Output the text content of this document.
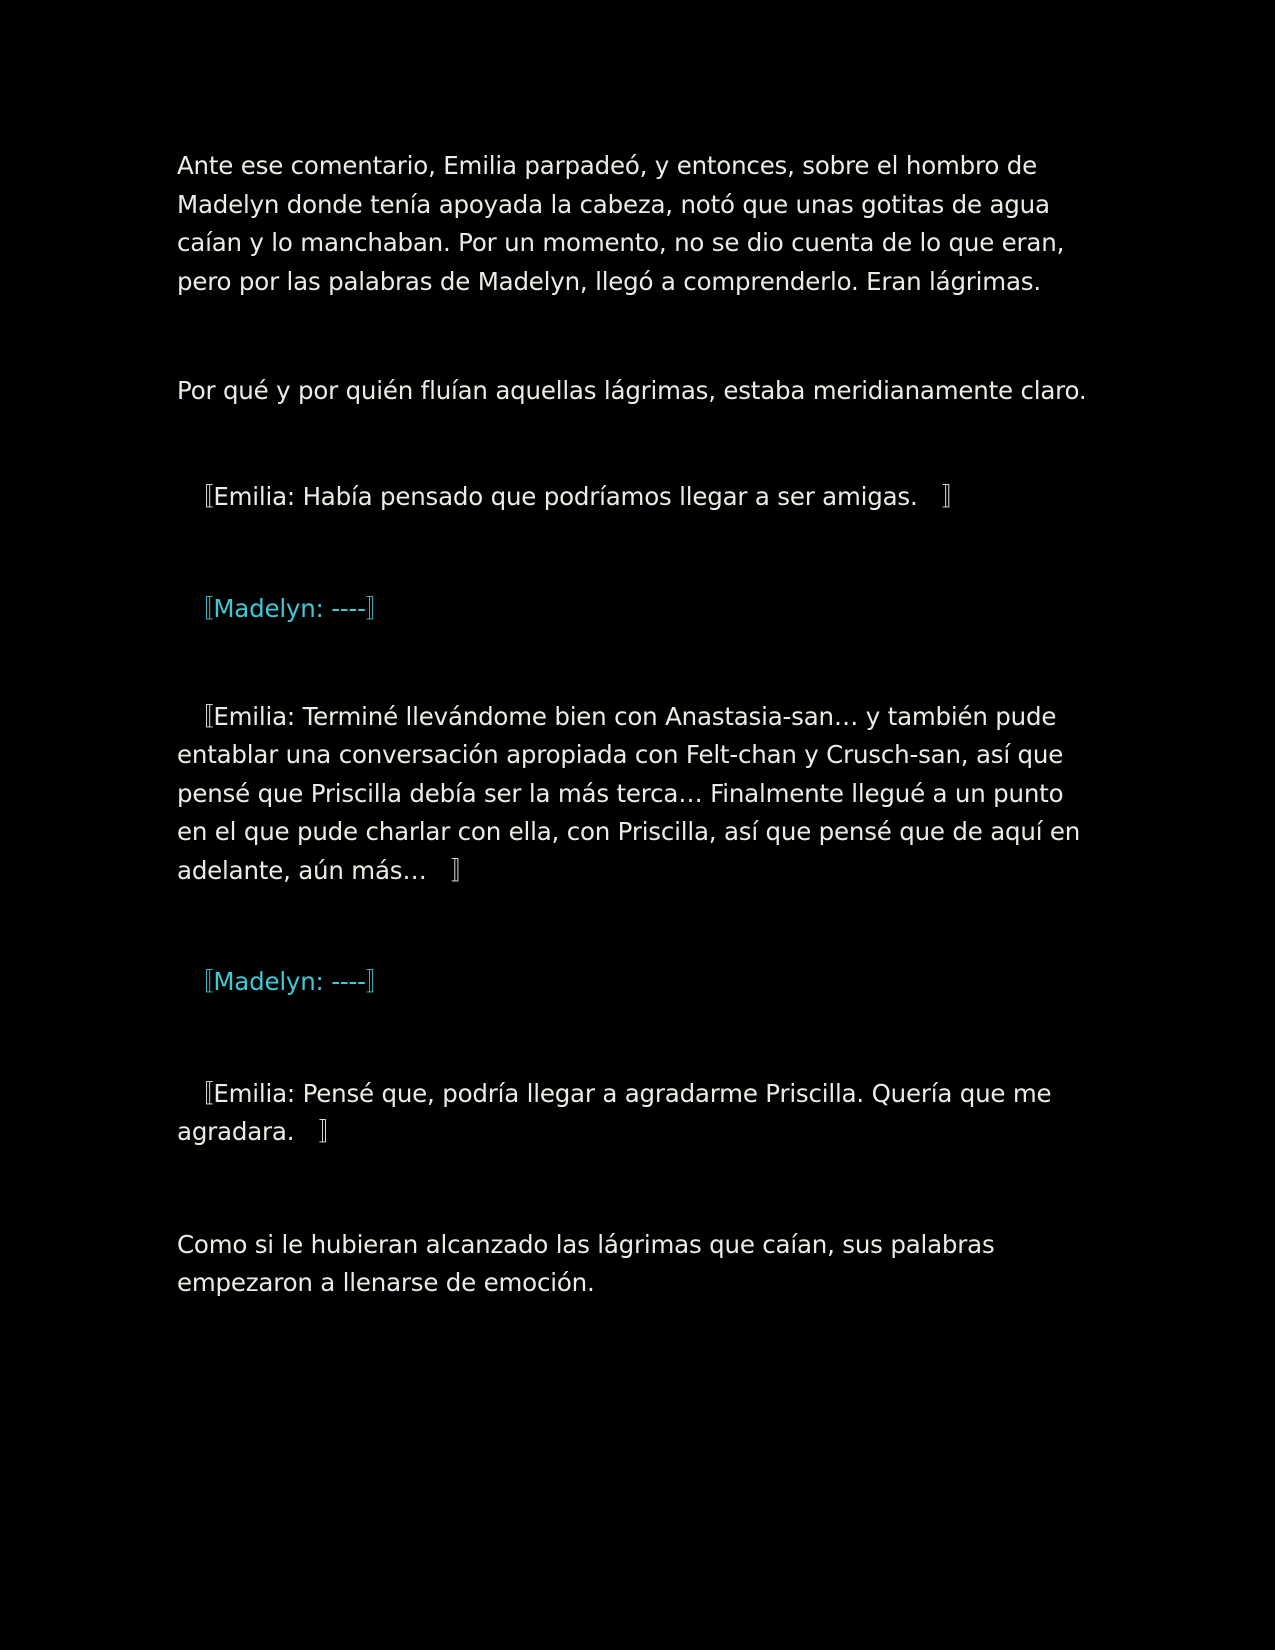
Ante ese comentario, Emilia parpadeó, y entonces, sobre el hombro de Madelyn donde tenía apoyada la cabeza, notó que unas gotitas de agua caían y lo manchaban. Por un momento, no se dio cuenta de lo que eran, pero por las palabras de Madelyn, llegó a comprenderlo. Eran lágrimas.

Por qué y por quién fluían aquellas lágrimas, estaba meridianamente claro.

　〚Emilia: Había pensado que podríamos llegar a ser amigas.　〛

　〚Madelyn: ----〛

　〚Emilia: Terminé llevándome bien con Anastasia-san… y también pude entablar una conversación apropiada con Felt-chan y Crusch-san, así que pensé que Priscilla debía ser la más terca… Finalmente llegué a un punto en el que pude charlar con ella, con Priscilla, así que pensé que de aquí en adelante, aún más…　〛

　〚Madelyn: ----〛

　〚Emilia: Pensé que, podría llegar a agradarme Priscilla. Quería que me agradara.　〛

Como si le hubieran alcanzado las lágrimas que caían, sus palabras empezaron a llenarse de emoción.
